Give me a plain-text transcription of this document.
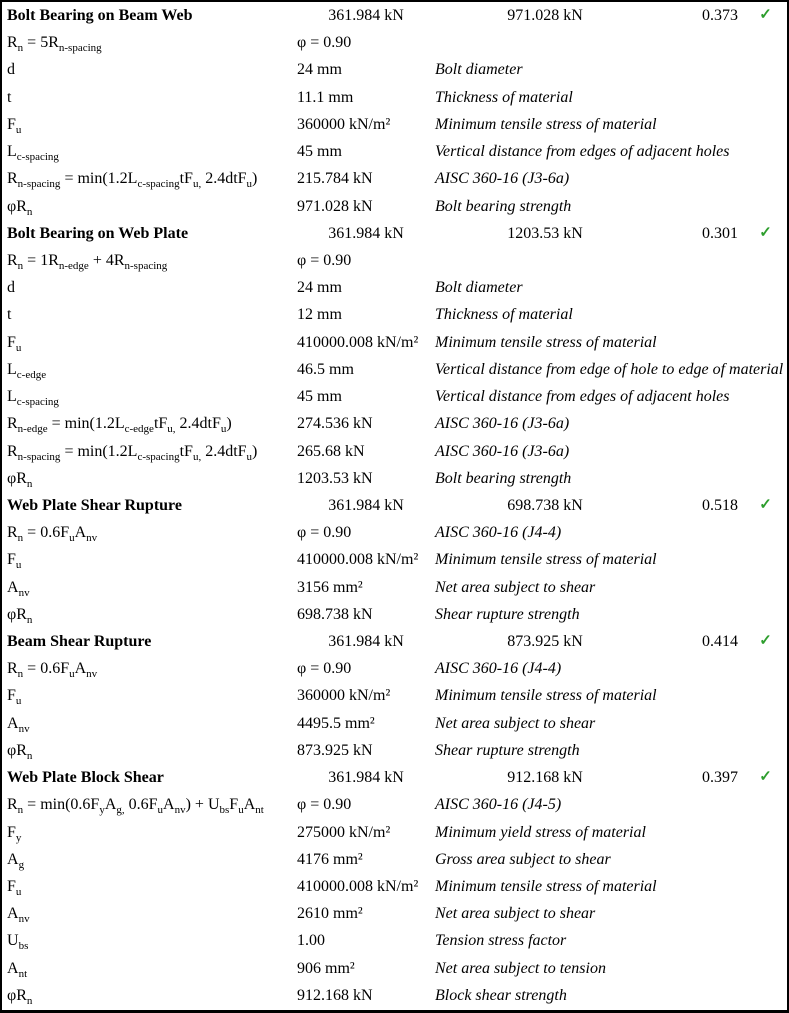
Bolt Bearing on Beam Web	361.984 kN	971.028 kN	0.373	✓
$R_n = 5R_{n-spacing}$	φ = 0.90
d	24 mm	Bolt diameter
t	11.1 mm	Thickness of material
$F_u$	360000 kN/m²	Minimum tensile stress of material
$L_{c-spacing}$	45 mm	Vertical distance from edges of adjacent holes
$R_{n-spacing} = \min(1.2L_{c-spacing}tF_{u,}$ 2.4dtF$_u$)	215.784 kN	AISC 360-16 (J3-6a)
$\varphi R_n$	971.028 kN	Bolt bearing strength
Bolt Bearing on Web Plate	361.984 kN	1203.53 kN	0.301	✓
$R_n = 1R_{n-edge} + 4R_{n-spacing}$	φ = 0.90
d	24 mm	Bolt diameter
t	12 mm	Thickness of material
$F_u$	410000.008 kN/m²	Minimum tensile stress of material
$L_{c-edge}$	46.5 mm	Vertical distance from edge of hole to edge of material
$L_{c-spacing}$	45 mm	Vertical distance from edges of adjacent holes
$R_{n-edge} = \min(1.2L_{c-edge}tF_{u,}$ 2.4dtF$_u$)	274.536 kN	AISC 360-16 (J3-6a)
$R_{n-spacing} = \min(1.2L_{c-spacing}tF_{u,}$ 2.4dtF$_u$)	265.68 kN	AISC 360-16 (J3-6a)
$\varphi R_n$	1203.53 kN	Bolt bearing strength
Web Plate Shear Rupture	361.984 kN	698.738 kN	0.518	✓
$R_n = 0.6F_uA_{nv}$	φ = 0.90	AISC 360-16 (J4-4)
$F_u$	410000.008 kN/m²	Minimum tensile stress of material
$A_{nv}$	3156 mm²	Net area subject to shear
$\varphi R_n$	698.738 kN	Shear rupture strength
Beam Shear Rupture	361.984 kN	873.925 kN	0.414	✓
$R_n = 0.6F_uA_{nv}$	φ = 0.90	AISC 360-16 (J4-4)
$F_u$	360000 kN/m²	Minimum tensile stress of material
$A_{nv}$	4495.5 mm²	Net area subject to shear
$\varphi R_n$	873.925 kN	Shear rupture strength
Web Plate Block Shear	361.984 kN	912.168 kN	0.397	✓
$R_n = \min(0.6F_yA_{g,}$ $0.6F_uA_{nv}) + U_{bs}F_uA_{nt}$	φ = 0.90	AISC 360-16 (J4-5)
$F_y$	275000 kN/m²	Minimum yield stress of material
$A_g$	4176 mm²	Gross area subject to shear
$F_u$	410000.008 kN/m²	Minimum tensile stress of material
$A_{nv}$	2610 mm²	Net area subject to shear
$U_{bs}$	1.00	Tension stress factor
$A_{nt}$	906 mm²	Net area subject to tension
$\varphi R_n$	912.168 kN	Block shear strength
